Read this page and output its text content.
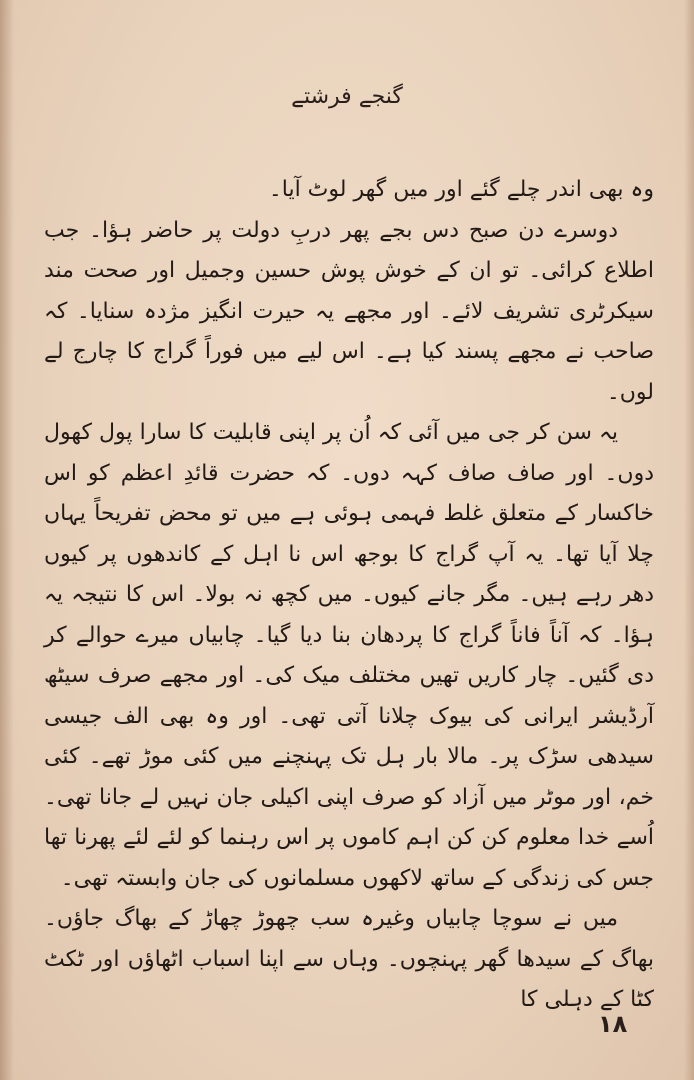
گنجے فرشتے

وہ بھی اندر چلے گئے اور میں گھر لوٹ آیا۔

دوسرے دن صبح دس بجے پھر دربِ دولت پر حاضر ہؤا۔ جب اطلاع کرائی۔ تو ان کے خوش پوش حسین وجمیل اور صحت مند سیکرٹری تشریف لائے۔ اور مجھے یہ حیرت انگیز مژدہ سنایا۔ کہ صاحب نے مجھے پسند کیا ہے۔ اس لیے میں فوراً گراج کا چارج لے لوں۔

یہ سن کر جی میں آئی کہ اُن پر اپنی قابلیت کا سارا پول کھول دوں۔ اور صاف صاف کہہ دوں۔ کہ حضرت قائدِ اعظم کو اس خاکسار کے متعلق غلط فہمی ہوئی ہے میں تو محض تفریحاً یہاں چلا آیا تھا۔ یہ آپ گراج کا بوجھ اس نا اہل کے کاندھوں پر کیوں دھر رہے ہیں۔ مگر جانے کیوں۔ میں کچھ نہ بولا۔ اس کا نتیجہ یہ ہؤا۔ کہ آناً فاناً گراج کا پردھان بنا دیا گیا۔ چابیاں میرے حوالے کر دی گئیں۔ چار کاریں تھیں مختلف میک کی۔ اور مجھے صرف سیٹھ آرڈیشر ایرانی کی بیوک چلانا آتی تھی۔ اور وہ بھی الف جیسی سیدھی سڑک پر۔ مالا بار ہل تک پہنچنے میں کئی موڑ تھے۔ کئی خم، اور موٹر میں آزاد کو صرف اپنی اکیلی جان نہیں لے جانا تھی۔ اُسے خدا معلوم کن کن اہم کاموں پر اس رہنما کو لئے لئے پھرنا تھا جس کی زندگی کے ساتھ لاکھوں مسلمانوں کی جان وابستہ تھی۔

میں نے سوچا چابیاں وغیرہ سب چھوڑ چھاڑ کے بھاگ جاؤں۔ بھاگ کے سیدھا گھر پہنچوں۔ وہاں سے اپنا اسباب اٹھاؤں اور ٹکٹ کٹا کے دہلی کا

۱۸
